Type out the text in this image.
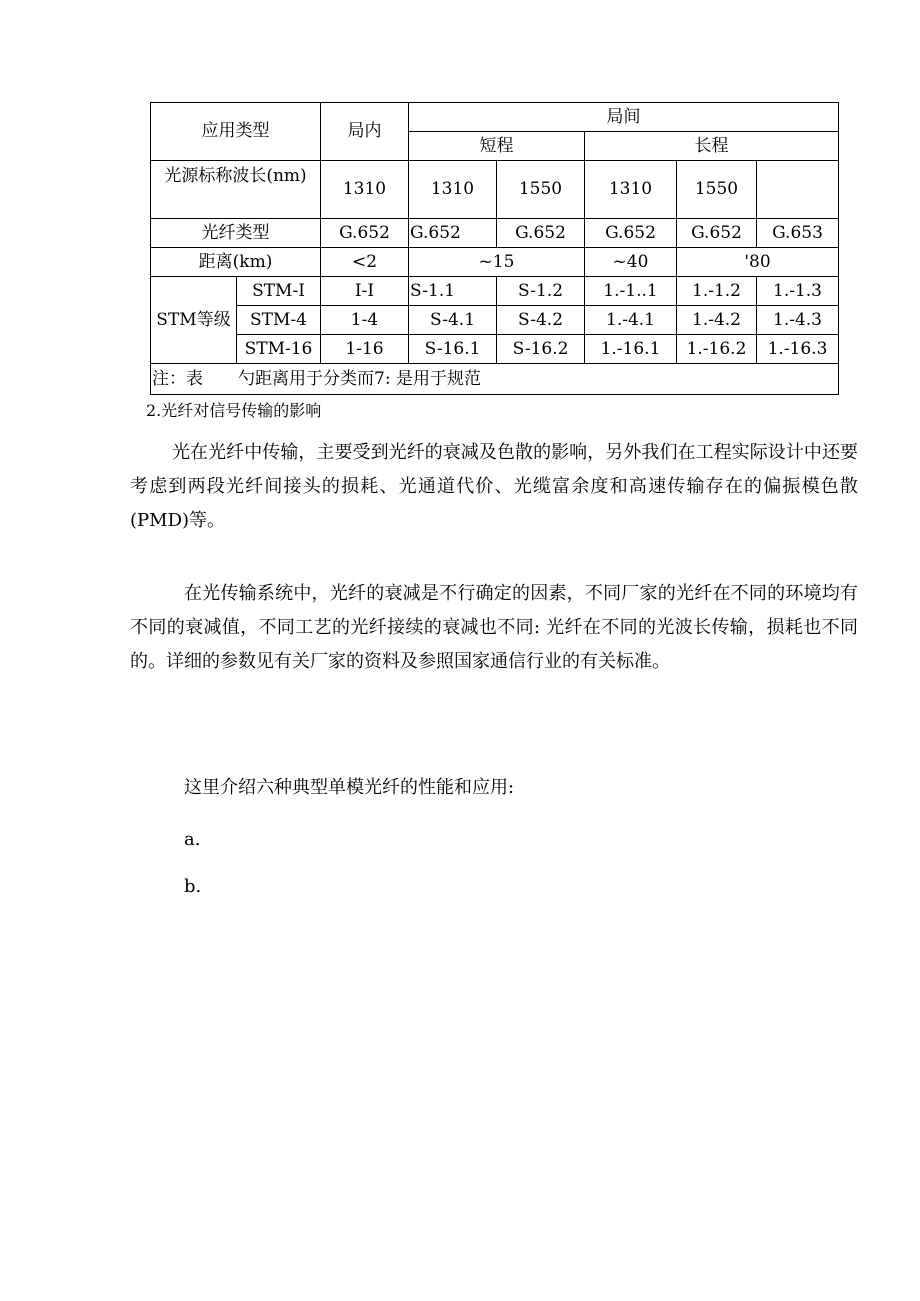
应用类型		局内	局间				
			短程		长程		
光源标称波长(nm)		1310	1310	1550	1310	1550	
光纤类型		G.652	G.652	G.652	G.652	G.652	G.653
距离(km)		<2	~15		~40	'80	
STM等级	STM-I	I-I	S-1.1	S-1.2	1.-1..1	1.-1.2	1.-1.3
	STM-4	1-4	S-4.1	S-4.2	1.-4.1	1.-4.2	1.-4.3
	STM-16	1-16	S-16.1	S-16.2	1.-16.1	1.-16.2	1.-16.3
注：表 勺距离用于分类而7: 是用于规范							
2.光纤对信号传输的影响

光在光纤中传输，主要受到光纤的衰减及色散的影响，另外我们在工程实际设计中还要考虑到两段光纤间接头的损耗、光通道代价、光缆富余度和高速传输存在的偏振模色散(PMD)等。

在光传输系统中，光纤的衰减是不行确定的因素，不同厂家的光纤在不同的环境均有不同的衰减值，不同工艺的光纤接续的衰减也不同: 光纤在不同的光波长传输，损耗也不同的。详细的参数见有关厂家的资料及参照国家通信行业的有关标准。

这里介绍六种典型单模光纤的性能和应用:

a.
b.
